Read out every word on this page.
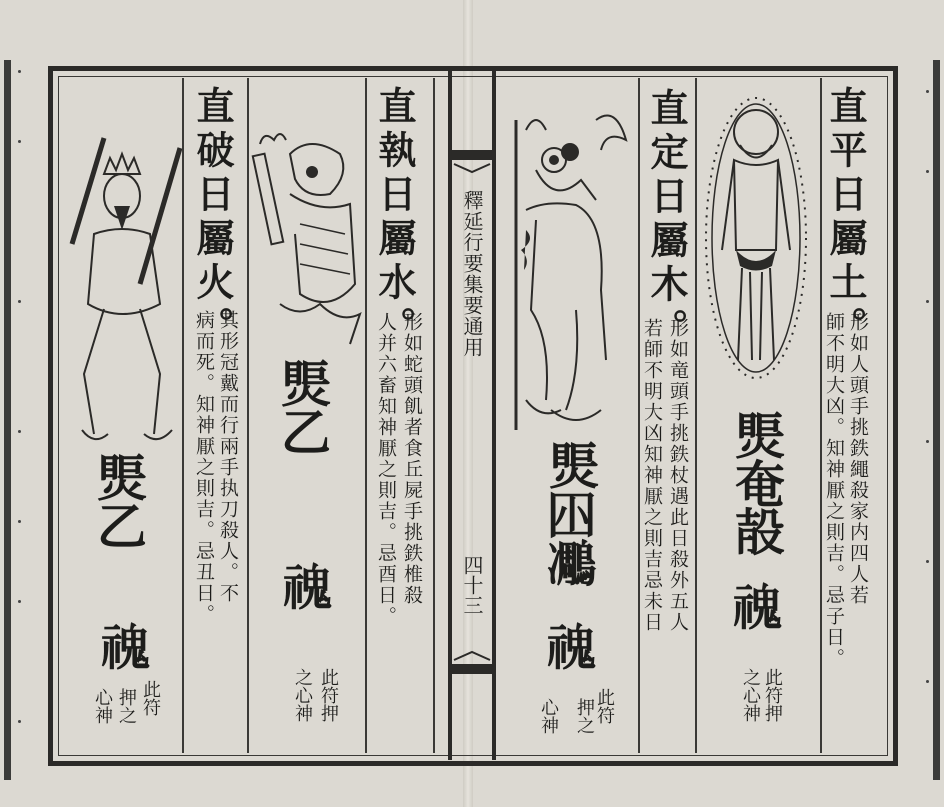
釋延行要集要通用
四十三
直平日屬土。
形如人頭手挑鉄繩殺家内四人若
師不明大凶。知神厭之則吉。忌子日。
㷡奄㱿
𩲡
此符押
之心神
直定日屬木。
形如竜頭手挑鉄杖遇此日殺外五人
若師不明大凶知神厭之則吉忌未日
㷡𡆧𪄄
𩲡
此符
押之
心神
直執日屬水。
形如蛇頭飢者食丘屍手挑鉄椎殺
人并六畜知神厭之則吉。忌酉日。
㷡乙
𩲡
此符押
之心神
直破日屬火。
其形冠戴而行兩手执刀殺人。不
病而死。知神厭之則吉。忌丑日。
㷡乙
𩲡
此符
押之
心神
